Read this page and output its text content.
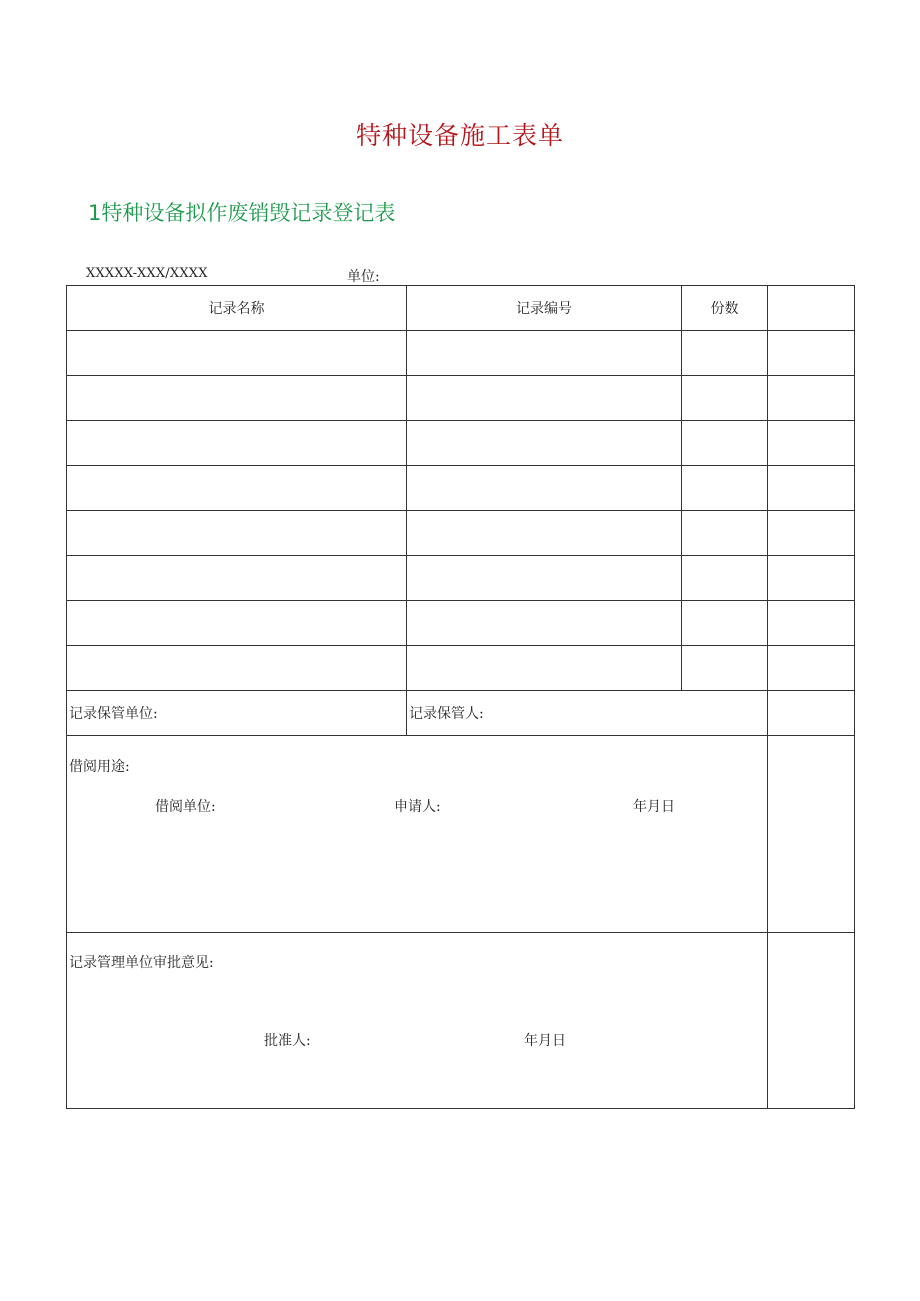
特种设备施工表单
1特种设备拟作废销毁记录登记表
XXXXX-XXX/XXXX	单位:
记录名称	记录编号	份数	

记录保管单位:	记录保管人:		

借阅用途:
借阅单位: 申请人: 年月日			

记录管理单位审批意见:
批准人: 年月日			
